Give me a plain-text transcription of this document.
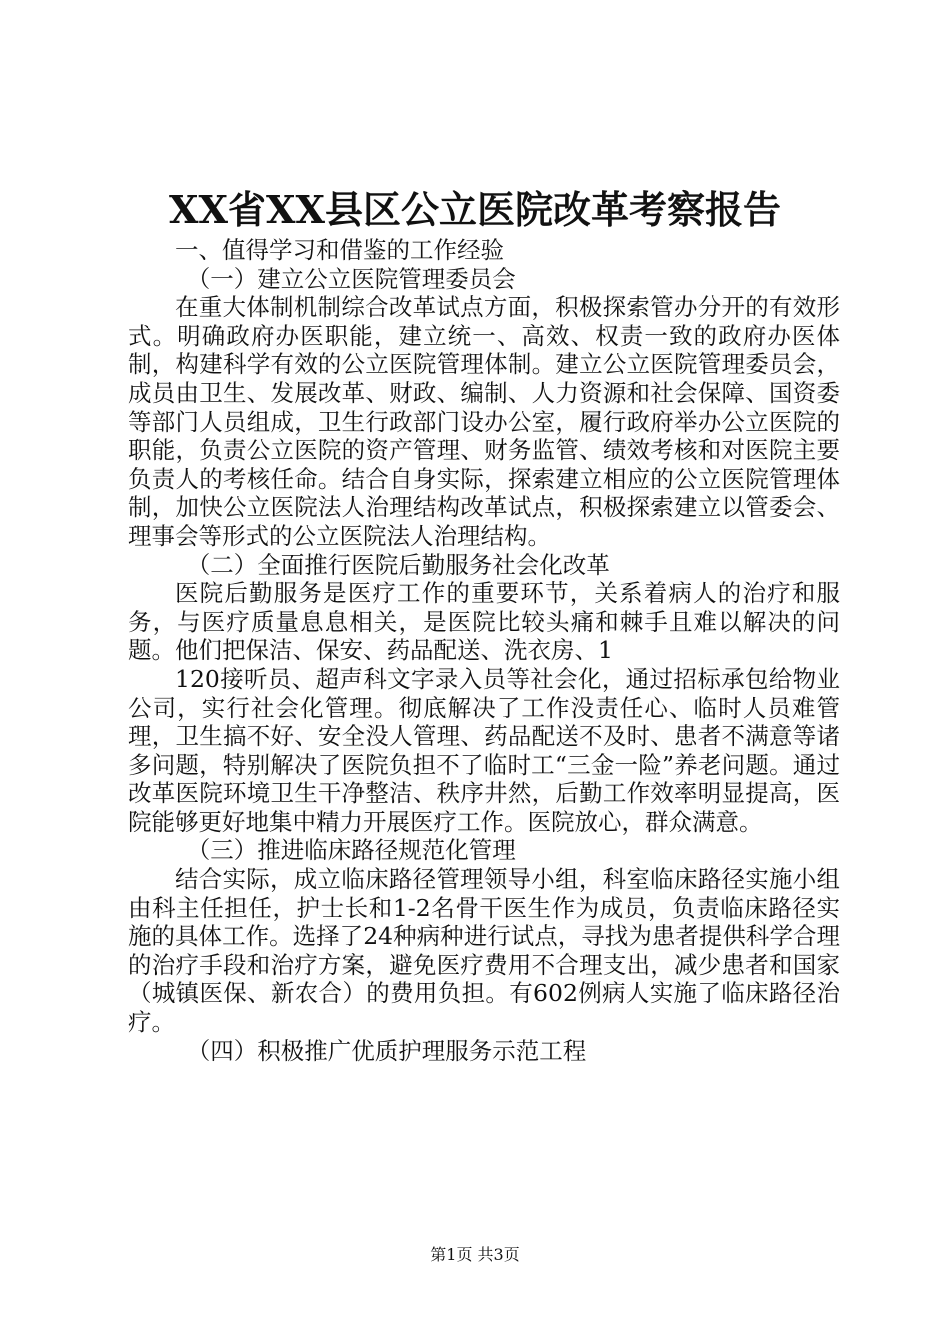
XX省XX县区公立医院改革考察报告

一、值得学习和借鉴的工作经验

（一）建立公立医院管理委员会

在重大体制机制综合改革试点方面，积极探索管办分开的有效形式。明确政府办医职能，建立统一、高效、权责一致的政府办医体制，构建科学有效的公立医院管理体制。建立公立医院管理委员会，成员由卫生、发展改革、财政、编制、人力资源和社会保障、国资委等部门人员组成，卫生行政部门设办公室，履行政府举办公立医院的职能，负责公立医院的资产管理、财务监管、绩效考核和对医院主要负责人的考核任命。结合自身实际，探索建立相应的公立医院管理体制，加快公立医院法人治理结构改革试点，积极探索建立以管委会、理事会等形式的公立医院法人治理结构。

（二）全面推行医院后勤服务社会化改革

医院后勤服务是医疗工作的重要环节，关系着病人的治疗和服务，与医疗质量息息相关，是医院比较头痛和棘手且难以解决的问题。他们把保洁、保安、药品配送、洗衣房、1

120接听员、超声科文字录入员等社会化，通过招标承包给物业公司，实行社会化管理。彻底解决了工作没责任心、临时人员难管理，卫生搞不好、安全没人管理、药品配送不及时、患者不满意等诸多问题，特别解决了医院负担不了临时工“三金一险”养老问题。通过改革医院环境卫生干净整洁、秩序井然，后勤工作效率明显提高，医院能够更好地集中精力开展医疗工作。医院放心，群众满意。

（三）推进临床路径规范化管理

结合实际，成立临床路径管理领导小组，科室临床路径实施小组由科主任担任，护士长和1-2名骨干医生作为成员，负责临床路径实施的具体工作。选择了24种病种进行试点，寻找为患者提供科学合理的治疗手段和治疗方案，避免医疗费用不合理支出，减少患者和国家（城镇医保、新农合）的费用负担。有602例病人实施了临床路径治疗。

（四）积极推广优质护理服务示范工程

第1页 共3页
